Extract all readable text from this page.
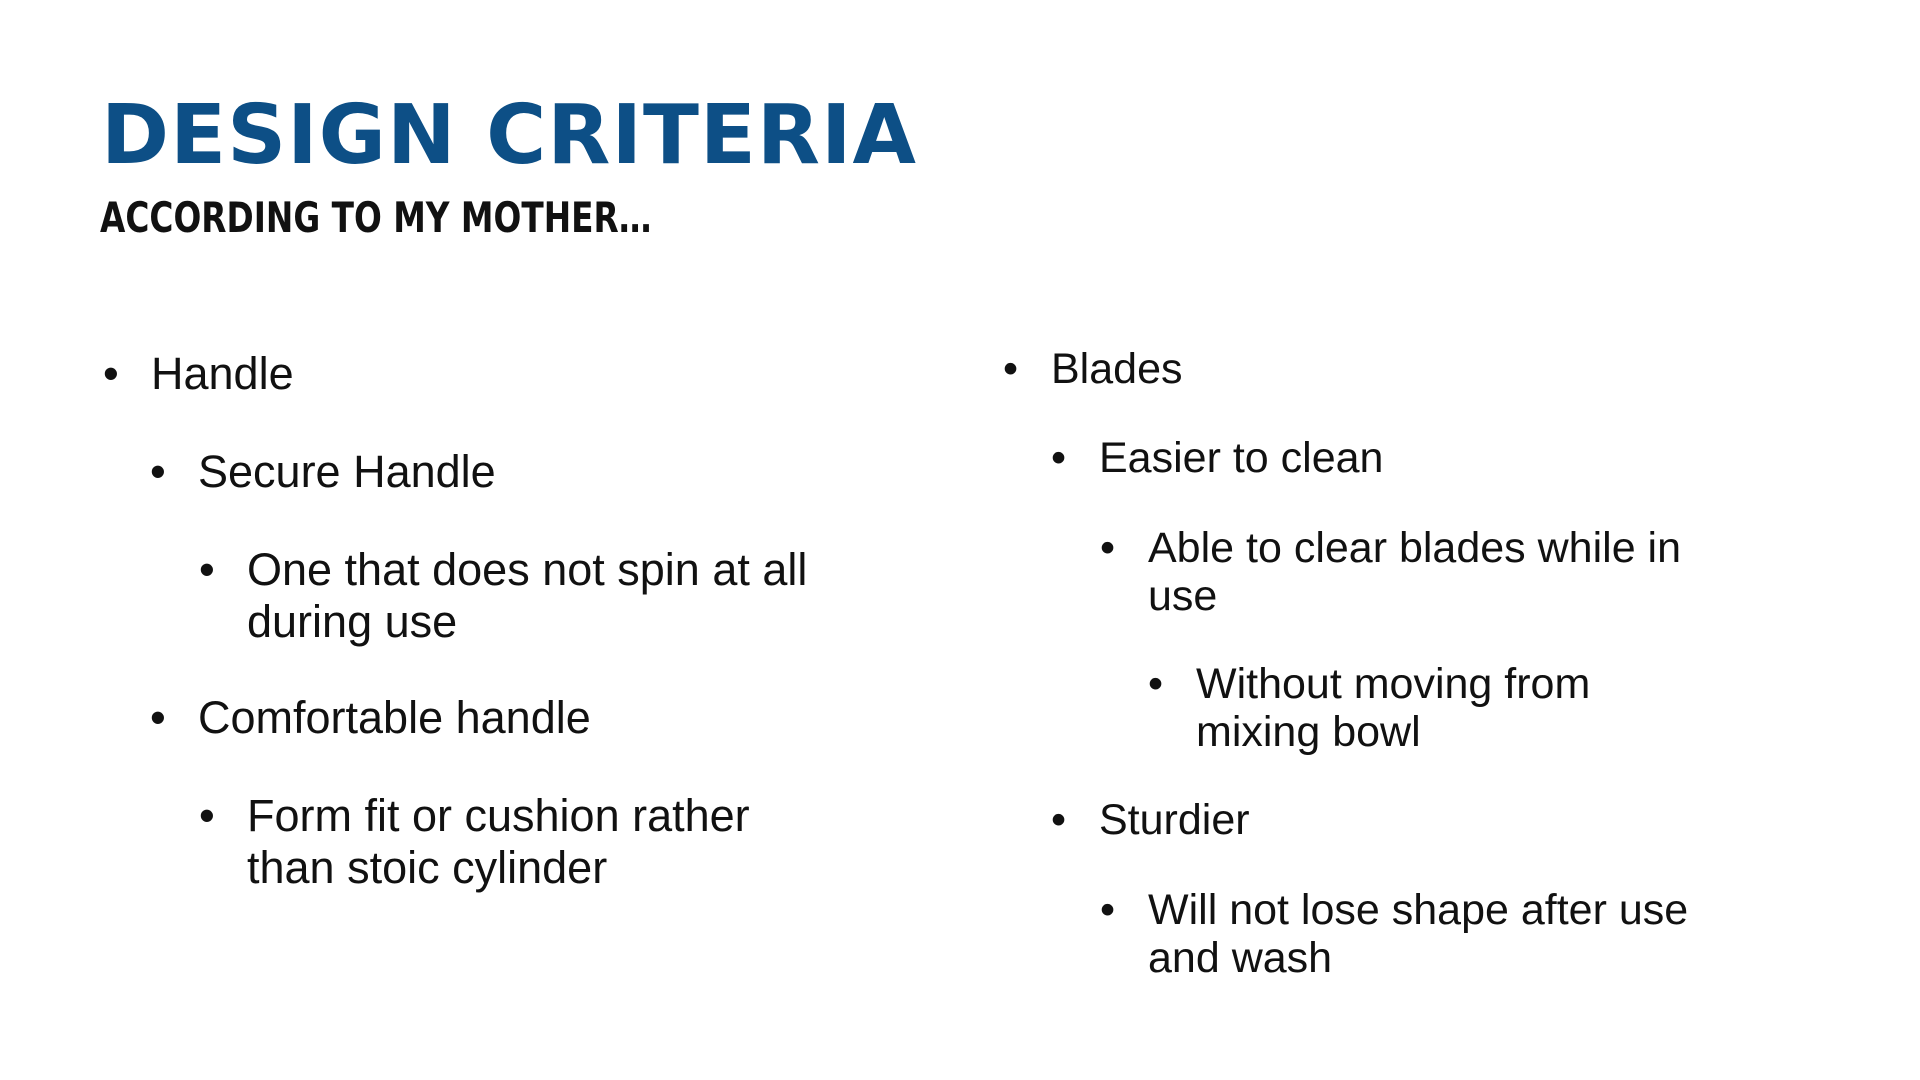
DESIGN CRITERIA
ACCORDING TO MY MOTHER…
• Handle
• Secure Handle
• One that does not spin at all during use
• Comfortable handle
• Form fit or cushion rather than stoic cylinder
• Blades
• Easier to clean
• Able to clear blades while in use
• Without moving from mixing bowl
• Sturdier
• Will not lose shape after use and wash
